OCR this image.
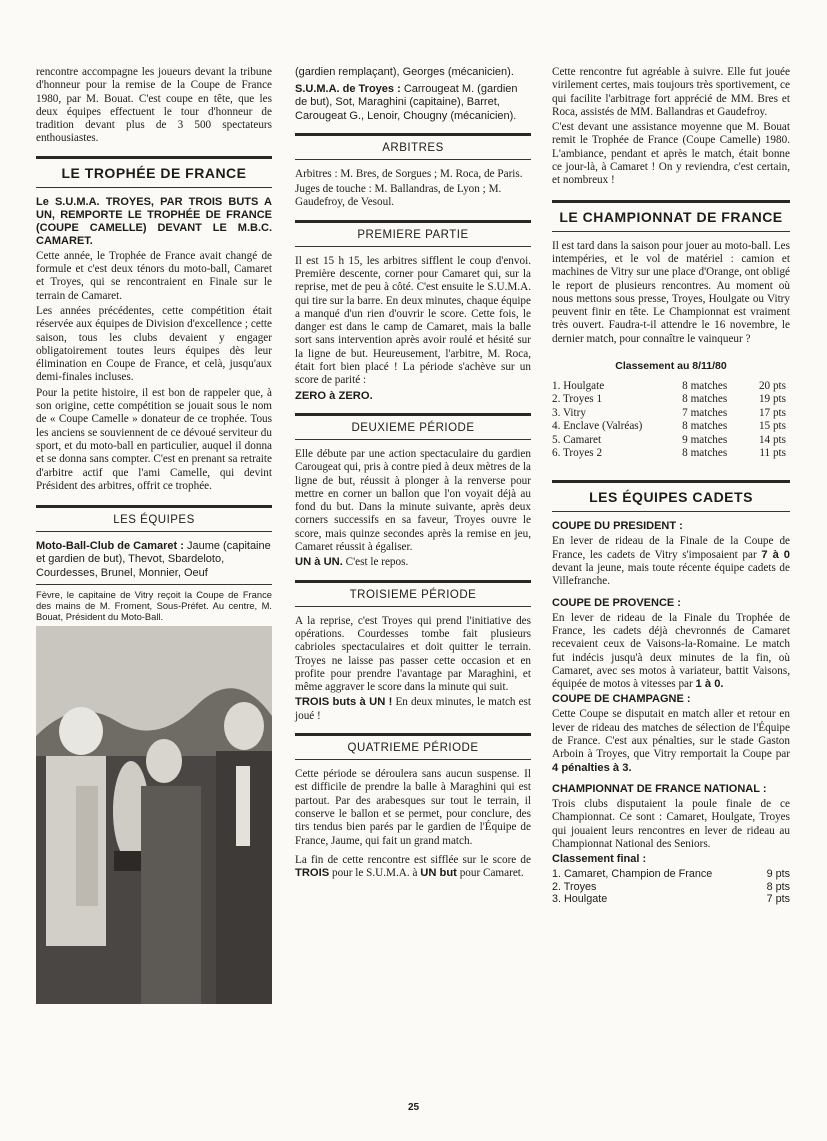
rencontre accompagne les joueurs devant la tribune d'honneur pour la remise de la Coupe de France 1980, par M. Bouat. C'est coupe en tête, que les deux équipes effectuent le tour d'honneur de tradition devant plus de 3 500 spectateurs enthousiastes.

LE TROPHÉE DE FRANCE

Le S.U.M.A. TROYES, PAR TROIS BUTS A UN, REMPORTE LE TROPHÉE DE FRANCE (COUPE CAMELLE) DEVANT LE M.B.C. CAMARET.

Cette année, le Trophée de France avait changé de formule et c'est deux ténors du moto-ball, Camaret et Troyes, qui se rencontraient en Finale sur le terrain de Camaret.

Les années précédentes, cette compétition était réservée aux équipes de Division d'excellence ; cette saison, tous les clubs devaient y engager obligatoirement toutes leurs équipes dès leur élimination en Coupe de France, et celà, jusqu'aux demi-finales incluses.

Pour la petite histoire, il est bon de rappeler que, à son origine, cette compétition se jouait sous le nom de « Coupe Camelle » donateur de ce trophée. Tous les anciens se souviennent de ce dévoué serviteur du sport, et du moto-ball en particulier, auquel il donna et se donna sans compter. C'est en prenant sa retraite d'arbitre actif que l'ami Camelle, qui devint Président des arbitres, offrit ce trophée.

LES ÉQUIPES

Moto-Ball-Club de Camaret : Jaume (capitaine et gardien de but), Thevot, Sbardeloto, Courdesses, Brunel, Monnier, Oeuf

Fèvre, le capitaine de Vitry reçoit la Coupe de France des mains de M. Froment, Sous-Préfet. Au centre, M. Bouat, Président du Moto-Ball.

(gardien remplaçant), Georges (mécanicien).

S.U.M.A. de Troyes : Carrougeat M. (gardien de but), Sot, Maraghini (capitaine), Barret, Carougeat G., Lenoir, Chougny (mécanicien).

ARBITRES

Arbitres : M. Bres, de Sorgues ; M. Roca, de Paris.

Juges de touche : M. Ballandras, de Lyon ; M. Gaudefroy, de Vesoul.

PREMIERE PARTIE

Il est 15 h 15, les arbitres sifflent le coup d'envoi. Première descente, corner pour Camaret qui, sur la reprise, met de peu à côté. C'est ensuite le S.U.M.A. qui tire sur la barre. En deux minutes, chaque équipe a manqué d'un rien d'ouvrir le score. Cette fois, le danger est dans le camp de Camaret, mais la balle sort sans intervention après avoir roulé et hésité sur la ligne de but. Heureusement, l'arbitre, M. Roca, était fort bien placé ! La période s'achève sur un score de parité :

ZERO à ZERO.

DEUXIEME PÉRIODE

Elle débute par une action spectaculaire du gardien Carougeat qui, pris à contre pied à deux mètres de la ligne de but, réussit à plonger à la renverse pour mettre en corner un ballon que l'on voyait déjà au fond du but. Dans la minute suivante, après deux corners successifs en sa faveur, Troyes ouvre le score, mais quinze secondes après la remise en jeu, Camaret réussit à égaliser.

UN à UN. C'est le repos.

TROISIEME PÉRIODE

A la reprise, c'est Troyes qui prend l'initiative des opérations. Courdesses tombe fait plusieurs cabrioles spectaculaires et doit quitter le terrain. Troyes ne laisse pas passer cette occasion et en profite pour prendre l'avantage par Maraghini, et même aggraver le score dans la minute qui suit.

TROIS buts à UN ! En deux minutes, le match est joué !

QUATRIEME PÉRIODE

Cette période se déroulera sans aucun suspense. Il est difficile de prendre la balle à Maraghini qui est partout. Par des arabesques sur tout le terrain, il conserve le ballon et se permet, pour conclure, des tirs tendus bien parés par le gardien de l'Équipe de France, Jaume, qui fait un grand match.

La fin de cette rencontre est sifflée sur le score de TROIS pour le S.U.M.A. à UN but pour Camaret.

Cette rencontre fut agréable à suivre. Elle fut jouée virilement certes, mais toujours très sportivement, ce qui facilite l'arbitrage fort apprécié de MM. Bres et Roca, assistés de MM. Ballandras et Gaudefroy.

C'est devant une assistance moyenne que M. Bouat remit le Trophée de France (Coupe Camelle) 1980. L'ambiance, pendant et après le match, était bonne ce jour-là, à Camaret ! On y reviendra, c'est certain, et nombreux !

LE CHAMPIONNAT DE FRANCE

Il est tard dans la saison pour jouer au moto-ball. Les intempéries, et le vol de matériel : camion et machines de Vitry sur une place d'Orange, ont obligé le report de plusieurs rencontres. Au moment où nous mettons sous presse, Troyes, Houlgate ou Vitry peuvent finir en tête. Le Championnat est vraiment très ouvert. Faudra-t-il attendre le 16 novembre, le dernier match, pour connaître le vainqueur ?

Classement au 8/11/80
1. Houlgate	8 matches	20 pts
2. Troyes 1	8 matches	19 pts
3. Vitry	7 matches	17 pts
4. Enclave (Valréas)	8 matches	15 pts
5. Camaret	9 matches	14 pts
6. Troyes 2	8 matches	11 pts
LES ÉQUIPES CADETS

COUPE DU PRESIDENT :

En lever de rideau de la Finale de la Coupe de France, les cadets de Vitry s'imposaient par 7 à 0 devant la jeune, mais toute récente équipe cadets de Villefranche.

COUPE DE PROVENCE :

En lever de rideau de la Finale du Trophée de France, les cadets déjà chevronnés de Camaret recevaient ceux de Vaisons-la-Romaine. Le match fut indécis jusqu'à deux minutes de la fin, où Camaret, avec ses motos à variateur, battit Vaisons, équipée de motos à vitesses par 1 à 0.

COUPE DE CHAMPAGNE :

Cette Coupe se disputait en match aller et retour en lever de rideau des matches de sélection de l'Équipe de France. C'est aux pénalties, sur le stade Gaston Arboin à Troyes, que Vitry remportait la Coupe par 4 pénalties à 3.

CHAMPIONNAT DE FRANCE NATIONAL :

Trois clubs disputaient la poule finale de ce Championnat. Ce sont : Camaret, Houlgate, Troyes qui jouaient leurs rencontres en lever de rideau au Championnat National des Seniors.

Classement final :

1. Camaret, Champion de France	9 pts
2. Troyes	8 pts
3. Houlgate	7 pts
25
